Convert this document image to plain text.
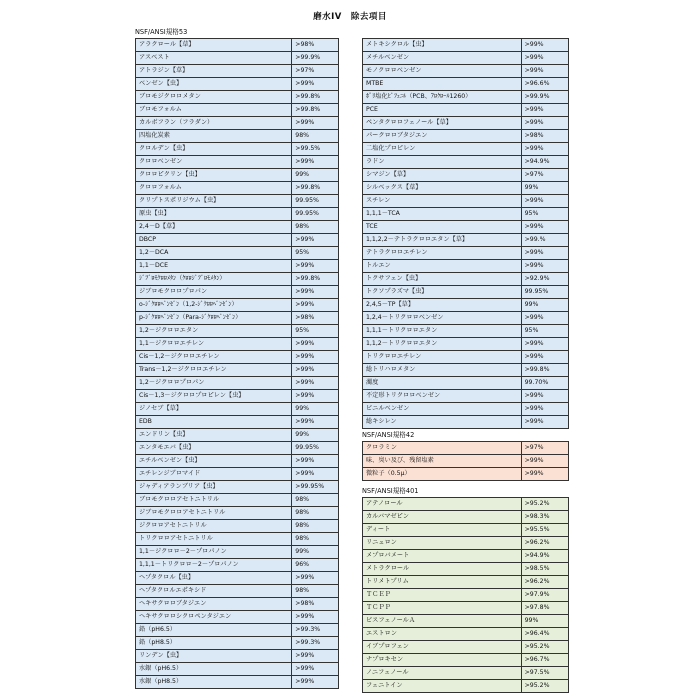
磨水IV　除去項目
NSF/ANSI規格53
アラクロール【草】	>98%
アスベスト	>99.9%
アトラジン【草】	>97%
ベンゼン【虫】	>99%
ブロモジクロロメタン	>99.8%
ブロモフォルム	>99.8%
カルボフラン（フラダン）	>99%
四塩化炭素	98%
クロルデン【虫】	>99.5%
クロロベンゼン	>99%
クロロピクリン【虫】	99%
クロロフォルム	>99.8%
クリプトスポリジウム【虫】	99.95%
原虫【虫】	99.95%
2,4－D【草】	98%
DBCP	>99%
1,2－DCA	95%
1,1－DCE	>99%
ｼﾞﾌﾞﾛﾓｸﾛﾛﾒﾀﾝ（ｸﾛﾛｼﾞﾌﾞﾛﾓﾒﾀﾝ）	>99.8%
ジブロモクロロプロパン	>99%
o-ｼﾞｸﾛﾛﾍﾞﾝｾﾞﾝ（1,2-ｼﾞｸﾛﾛﾍﾞﾝｾﾞﾝ）	>99%
p-ｼﾞｸﾛﾛﾍﾞﾝｾﾞﾝ（Para-ｼﾞｸﾛﾛﾍﾞﾝｾﾞﾝ）	>98%
1,2－ジクロロエタン	95%
1,1－ジクロロエチレン	>99%
Cis－1,2－ジクロロエチレン	>99%
Trans－1,2－ジクロロエチレン	>99%
1,2－ジクロロプロパン	>99%
Cis－1,3－ジクロロプロピレン【虫】	>99%
ジノセブ【草】	99%
EDB	>99%
エンドリン【虫】	99%
エンタモエバ【虫】	99.95%
エチルベンゼン【虫】	>99%
エチレンジブロマイド	>99%
ジャディアランブリア【虫】	>99.95%
ブロモクロロアセトニトリル	98%
ジブロモクロロアセトニトリル	98%
ジクロロアセトニトリル	98%
トリクロロアセトニトリル	98%
1,1－ジクロロ－2－プロパノン	99%
1,1,1－トリクロロ－2－プロパノン	96%
ヘプタクロル【虫】	>99%
ヘプタクロルエポキシド	98%
ヘキサクロロブタジエン	>98%
ヘキサクロロシクロペンタジエン	>99%
鉛（pH6.5）	>99.3%
鉛（pH8.5）	>99.3%
リンデン【虫】	>99%
水銀（pH6.5）	>99%
水銀（pH8.5）	>99%
メトキシクロル【虫】	>99%
メチルベンゼン	>99%
モノクロロベンゼン	>99%
MTBE	>96.6%
ﾎﾟﾘ塩化ﾋﾞﾌｪﾆﾙ（PCB、ｱﾛｸﾛｰﾙ1260）	>99.9%
PCE	>99%
ペンタクロロフェノール【草】	>99%
パークロロブタジエン	>98%
二塩化プロピレン	>99%
ラドン	>94.9%
シマジン【草】	>97%
シルベックス【草】	99%
スチレン	>99%
1,1,1－TCA	95%
TCE	>99%
1,1,2,2－テトラクロロエタン【草】	>99.%
テトラクロロエチレン	>99%
トルエン	>99%
トクサフェン【虫】	>92.9%
トクソプラズマ【虫】	99.95%
2,4,5－TP【草】	99%
1,2,4－トリクロロベンゼン	>99%
1,1,1－トリクロロエタン	95%
1,1,2－トリクロロエタン	>99%
トリクロロエチレン	>99%
総トリハロメタン	>99.8%
濁度	99.70%
不定形トリクロロベンゼン	>99%
ビニルベンゼン	>99%
総キシレン	>99%
NSF/ANSI規格42
クロラミン	>97%
味、臭い及び、残留塩素	>99%
微粒子（0.5μ）	>99%
NSF/ANSI規格401
アテノロール	>95.2%
カルバマゼピン	>98.3%
ディート	>95.5%
リニュロン	>96.2%
メプロバメート	>94.9%
メトラクロール	>98.5%
トリメトプリム	>96.2%
ＴＣＥＰ	>97.9%
ＴＣＰＰ	>97.8%
ビスフェノールＡ	99%
エストロン	>96.4%
イブプロフェン	>95.2%
ナプロキセン	>96.7%
ノニフェノール	>97.5%
フェニトイン	>95.2%
